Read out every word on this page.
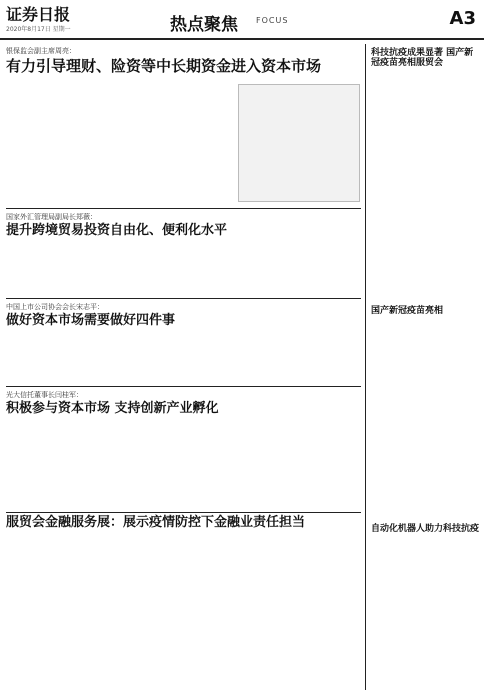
证券日报
2020年8月17日 星期一	热点聚焦 FOCUS	A3
银保监会副主席周亮：
有力引导理财、险资等中长期资金进入资本市场
国家外汇管理局副局长郑薇：
提升跨境贸易投资自由化、便利化水平
中国上市公司协会会长宋志平：
做好资本市场需要做好四件事
光大信托董事长闫桂军：
积极参与资本市场 支持创新产业孵化
服贸会金融服务展：展示疫情防控下金融业责任担当
科技抗疫成果显著 国产新冠疫苗亮相服贸会
国产新冠疫苗亮相
自动化机器人助力科技抗疫
